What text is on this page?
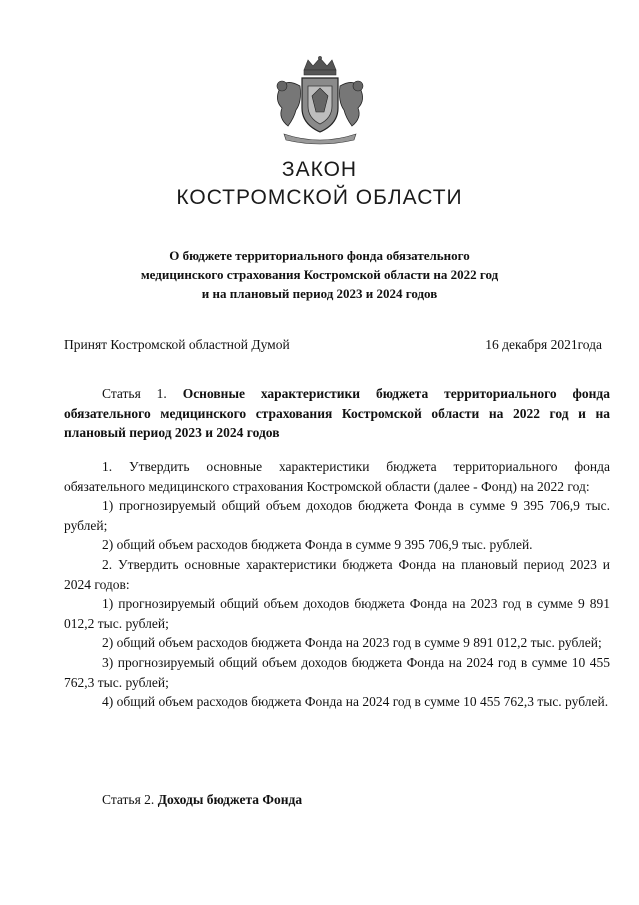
ЗАКОН
КОСТРОМСКОЙ ОБЛАСТИ
О бюджете территориального фонда обязательного
медицинского страхования Костромской области на 2022 год
и на плановый период 2023 и 2024 годов
Принят Костромской областной Думой	16 декабря 2021года
Статья 1. Основные характеристики бюджета территориального фонда обязательного медицинского страхования Костромской области на 2022 год и на плановый период 2023 и 2024 годов

1. Утвердить основные характеристики бюджета территориального фонда обязательного медицинского страхования Костромской области (далее - Фонд) на 2022 год:

1) прогнозируемый общий объем доходов бюджета Фонда в сумме 9 395 706,9 тыс. рублей;

2) общий объем расходов бюджета Фонда в сумме 9 395 706,9 тыс. рублей.

2. Утвердить основные характеристики бюджета Фонда на плановый период 2023 и 2024 годов:

1) прогнозируемый общий объем доходов бюджета Фонда на 2023 год в сумме 9 891 012,2 тыс. рублей;

2) общий объем расходов бюджета Фонда на 2023 год в сумме 9 891 012,2 тыс. рублей;

3) прогнозируемый общий объем доходов бюджета Фонда на 2024 год в сумме 10 455 762,3 тыс. рублей;

4) общий объем расходов бюджета Фонда на 2024 год в сумме 10 455 762,3 тыс. рублей.

Статья 2. Доходы бюджета Фонда
